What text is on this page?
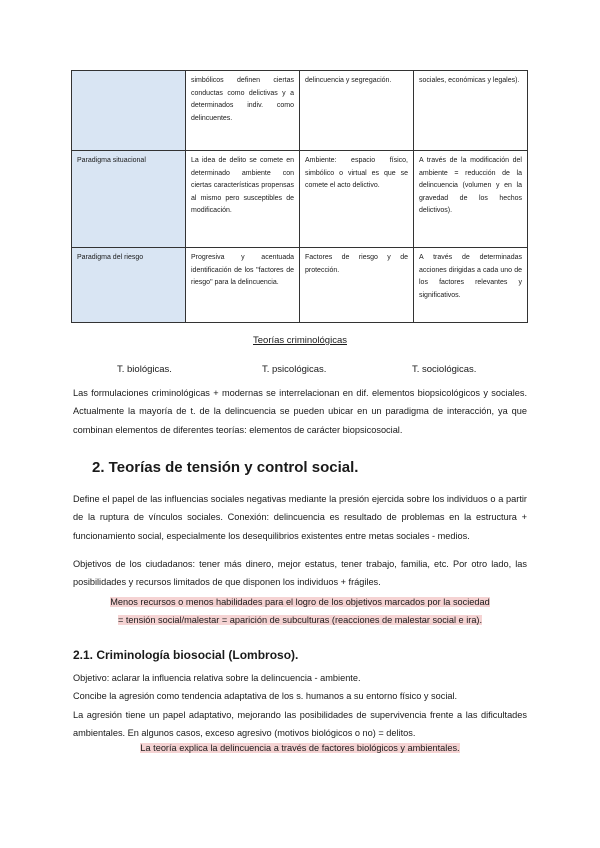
	simbólicos definen ciertas conductas como delictivas y a determinados indiv. como delincuentes.	delincuencia y segregación.	sociales, económicas y legales).
Paradigma situacional	La idea de delito se comete en determinado ambiente con ciertas características propensas al mismo pero susceptibles de modificación.	Ambiente: espacio físico, simbólico o virtual es que se comete el acto delictivo.	A través de la modificación del ambiente = reducción de la delincuencia (volumen y en la gravedad de los hechos delictivos).
Paradigma del riesgo	Progresiva y acentuada identificación de los "factores de riesgo" para la delincuencia.	Factores de riesgo y de protección.	A través de determinadas acciones dirigidas a cada uno de los factores relevantes y significativos.
Teorías criminológicas
T. biológicas.	T. psicológicas.	T. sociológicas.
Las formulaciones criminológicas + modernas se interrelacionan en dif. elementos biopsicológicos y sociales. Actualmente la mayoría de t. de la delincuencia se pueden ubicar en un paradigma de interacción, ya que combinan elementos de diferentes teorías: elementos de carácter biopsicosocial.
2. Teorías de tensión y control social.
Define el papel de las influencias sociales negativas mediante la presión ejercida sobre los individuos o a partir de la ruptura de vínculos sociales. Conexión: delincuencia es resultado de problemas en la estructura + funcionamiento social, especialmente los desequilibrios existentes entre metas sociales - medios.
Objetivos de los ciudadanos: tener más dinero, mejor estatus, tener trabajo, familia, etc. Por otro lado, las posibilidades y recursos limitados de que disponen los individuos + frágiles.
Menos recursos o menos habilidades para el logro de los objetivos marcados por la sociedad
= tensión social/malestar = aparición de subculturas (reacciones de malestar social e ira).
2.1. Criminología biosocial (Lombroso).
Objetivo: aclarar la influencia relativa sobre la delincuencia - ambiente.
Concibe la agresión como tendencia adaptativa de los s. humanos a su entorno físico y social.
La agresión tiene un papel adaptativo, mejorando las posibilidades de supervivencia frente a las dificultades ambientales. En algunos casos, exceso agresivo (motivos biológicos o no) = delitos.
La teoría explica la delincuencia a través de factores biológicos y ambientales.
